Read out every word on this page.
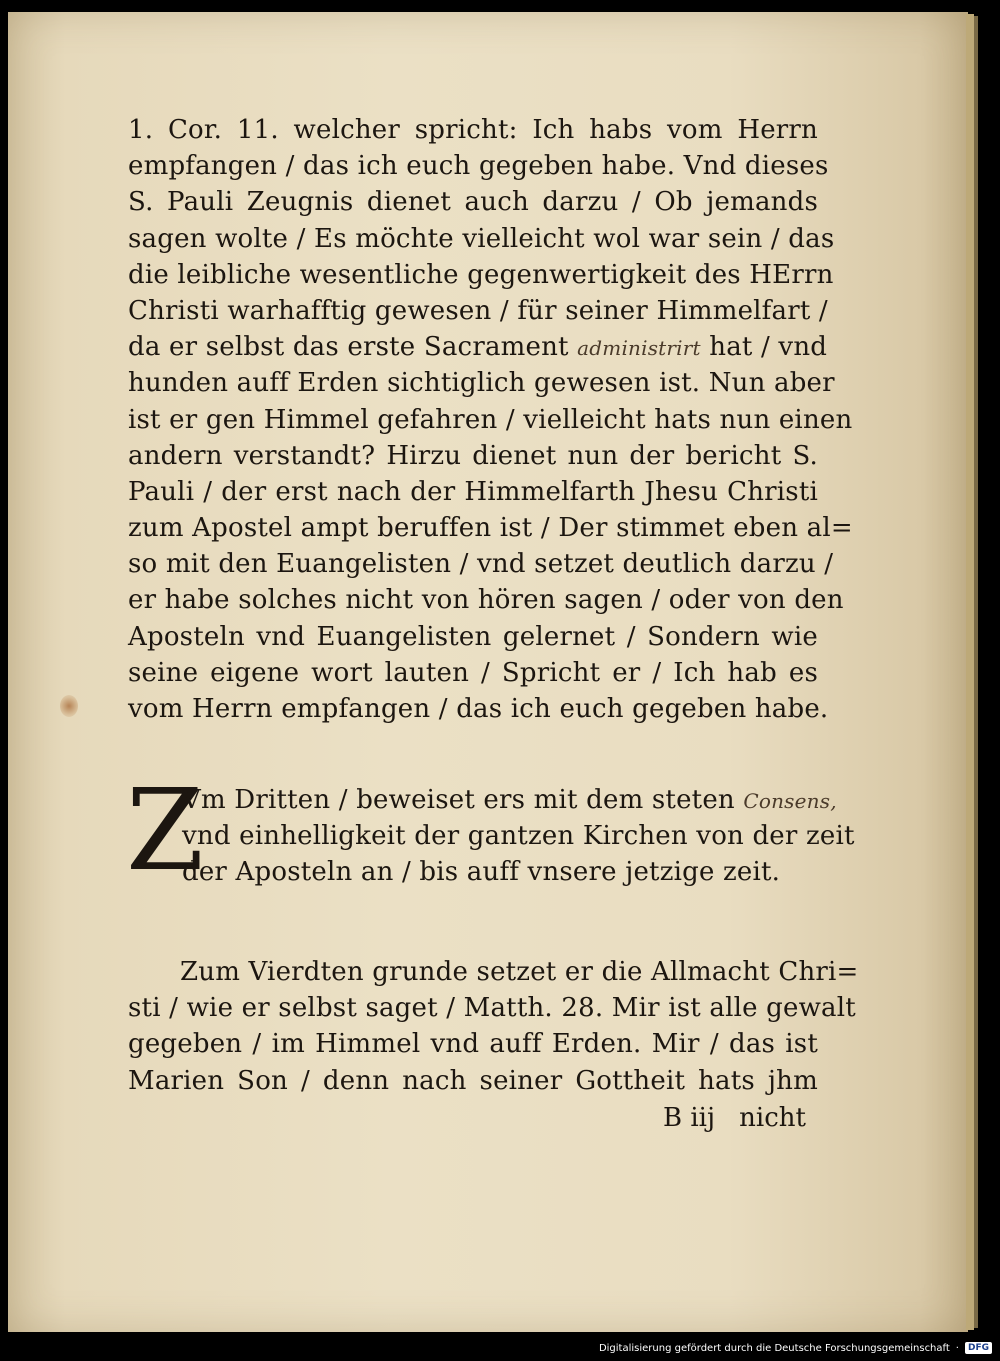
1. Cor. 11. welcher spricht: Ich habs vom Herrn
empfangen / das ich euch gegeben habe. Vnd dieses
S. Pauli Zeugnis dienet auch darzu / Ob jemands
sagen wolte / Es möchte vielleicht wol war sein / das
die leibliche wesentliche gegenwertigkeit des HErrn
Christi warhafftig gewesen / für seiner Himmelfart /
da er selbst das erste Sacrament administrirt hat / vnd
hunden auff Erden sichtiglich gewesen ist. Nun aber
ist er gen Himmel gefahren / vielleicht hats nun einen
andern verstandt? Hirzu dienet nun der bericht S.
Pauli / der erst nach der Himmelfarth Jhesu Christi
zum Apostel ampt beruffen ist / Der stimmet eben al=
so mit den Euangelisten / vnd setzet deutlich darzu /
er habe solches nicht von hören sagen / oder von den
Aposteln vnd Euangelisten gelernet / Sondern wie
seine eigene wort lauten / Spricht er / Ich hab es
vom Herrn empfangen / das ich euch gegeben habe.
Z
Vm Dritten / beweiset ers mit dem steten Consens,
vnd einhelligkeit der gantzen Kirchen von der zeit
der Aposteln an / bis auff vnsere jetzige zeit.
Zum Vierdten grunde setzet er die Allmacht Chri=
sti / wie er selbst saget / Matth. 28. Mir ist alle gewalt
gegeben / im Himmel vnd auff Erden. Mir / das ist
Marien Son / denn nach seiner Gottheit hats jhm
B iij nicht
Digitalisierung gefördert durch die Deutsche Forschungsgemeinschaft ·	DFG
